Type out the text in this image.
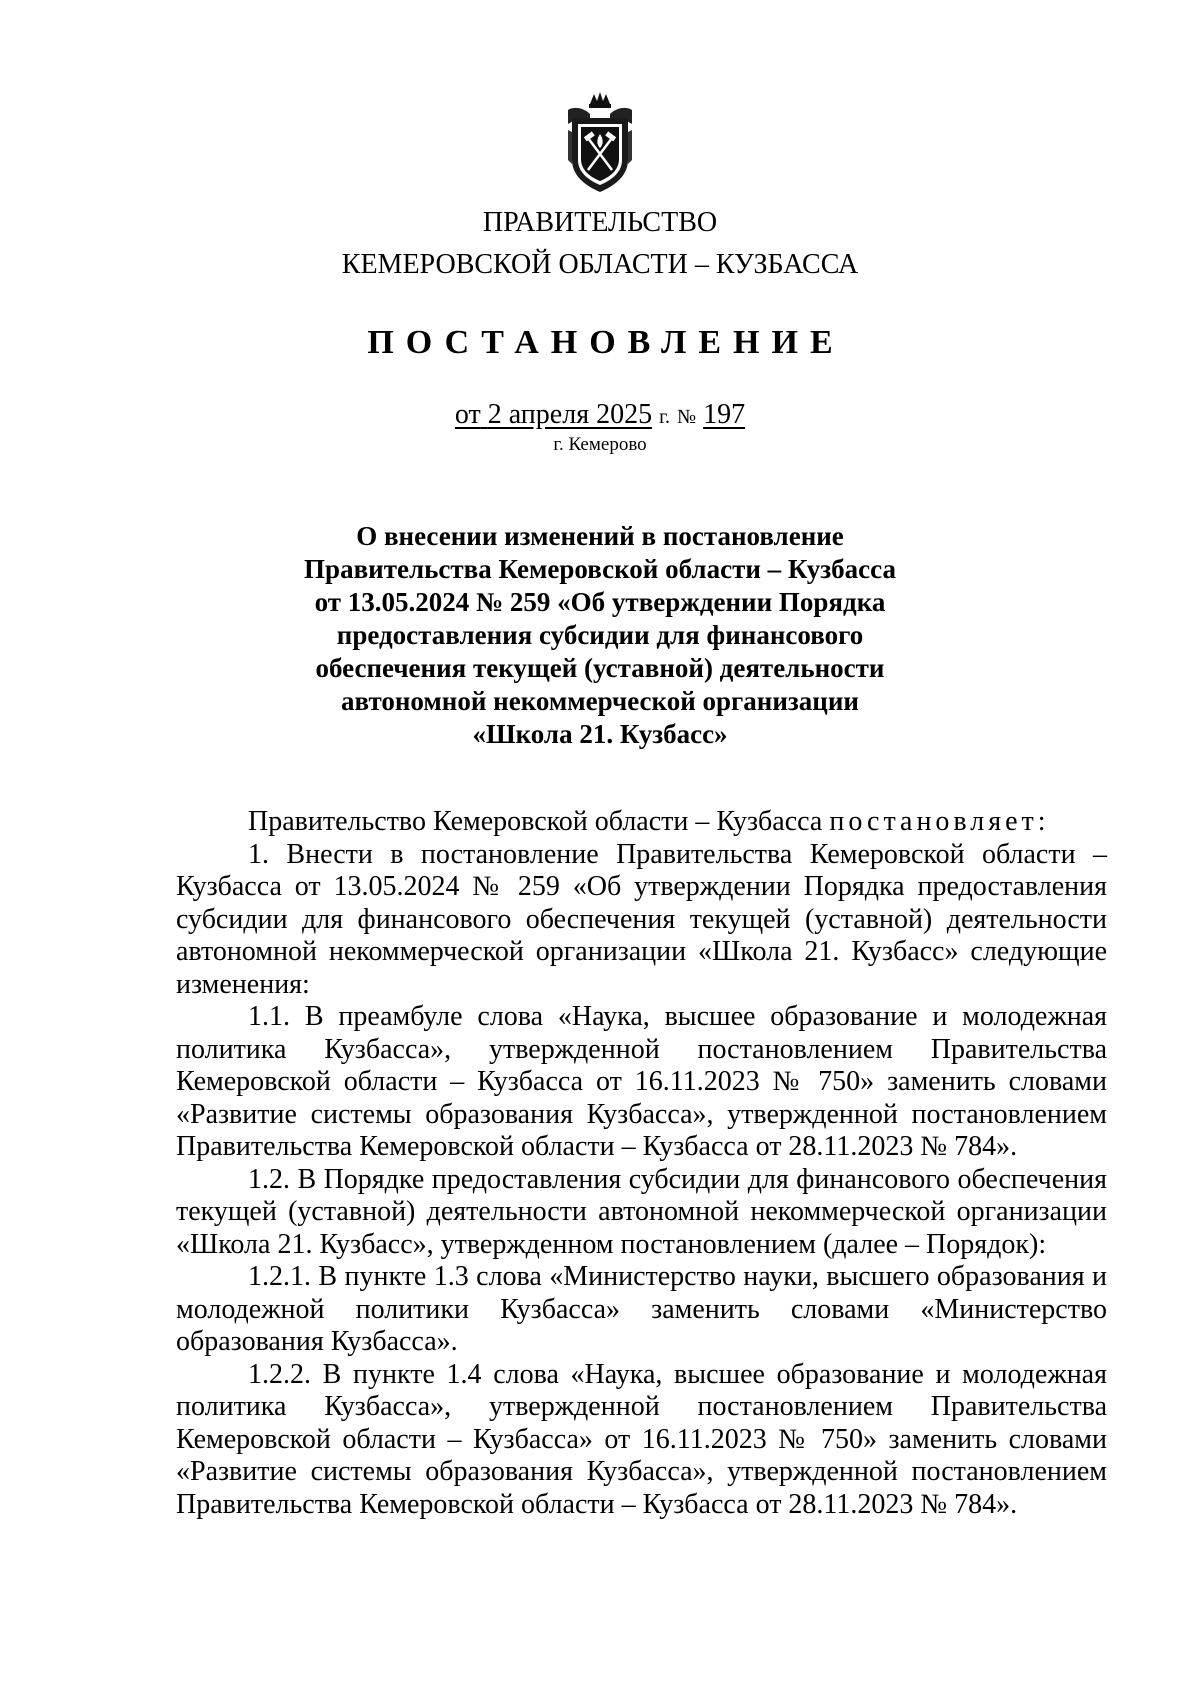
ПРАВИТЕЛЬСТВО
КЕМЕРОВСКОЙ ОБЛАСТИ – КУЗБАССА
ПОСТАНОВЛЕНИЕ
от 2 апреля 2025 г. № 197
г. Кемерово
О внесении изменений в постановление
Правительства Кемеровской области – Кузбасса
от 13.05.2024 № 259 «Об утверждении Порядка
предоставления субсидии для финансового
обеспечения текущей (уставной) деятельности
автономной некоммерческой организации
«Школа 21. Кузбасс»
Правительство Кемеровской области – Кузбасса постановляет:
1. Внести в постановление Правительства Кемеровской области – Кузбасса от 13.05.2024 № 259 «Об утверждении Порядка предоставления субсидии для финансового обеспечения текущей (уставной) деятельности автономной некоммерческой организации «Школа 21. Кузбасс» следующие изменения:
1.1. В преамбуле слова «Наука, высшее образование и молодежная политика Кузбасса», утвержденной постановлением Правительства Кемеровской области – Кузбасса от 16.11.2023 № 750» заменить словами «Развитие системы образования Кузбасса», утвержденной постановлением Правительства Кемеровской области – Кузбасса от 28.11.2023 № 784».
1.2. В Порядке предоставления субсидии для финансового обеспечения текущей (уставной) деятельности автономной некоммерческой организации «Школа 21. Кузбасс», утвержденном постановлением (далее – Порядок):
1.2.1. В пункте 1.3 слова «Министерство науки, высшего образования и молодежной политики Кузбасса» заменить словами «Министерство образования Кузбасса».
1.2.2. В пункте 1.4 слова «Наука, высшее образование и молодежная политика Кузбасса», утвержденной постановлением Правительства Кемеровской области – Кузбасса» от 16.11.2023 № 750» заменить словами «Развитие системы образования Кузбасса», утвержденной постановлением Правительства Кемеровской области – Кузбасса от 28.11.2023 № 784».
